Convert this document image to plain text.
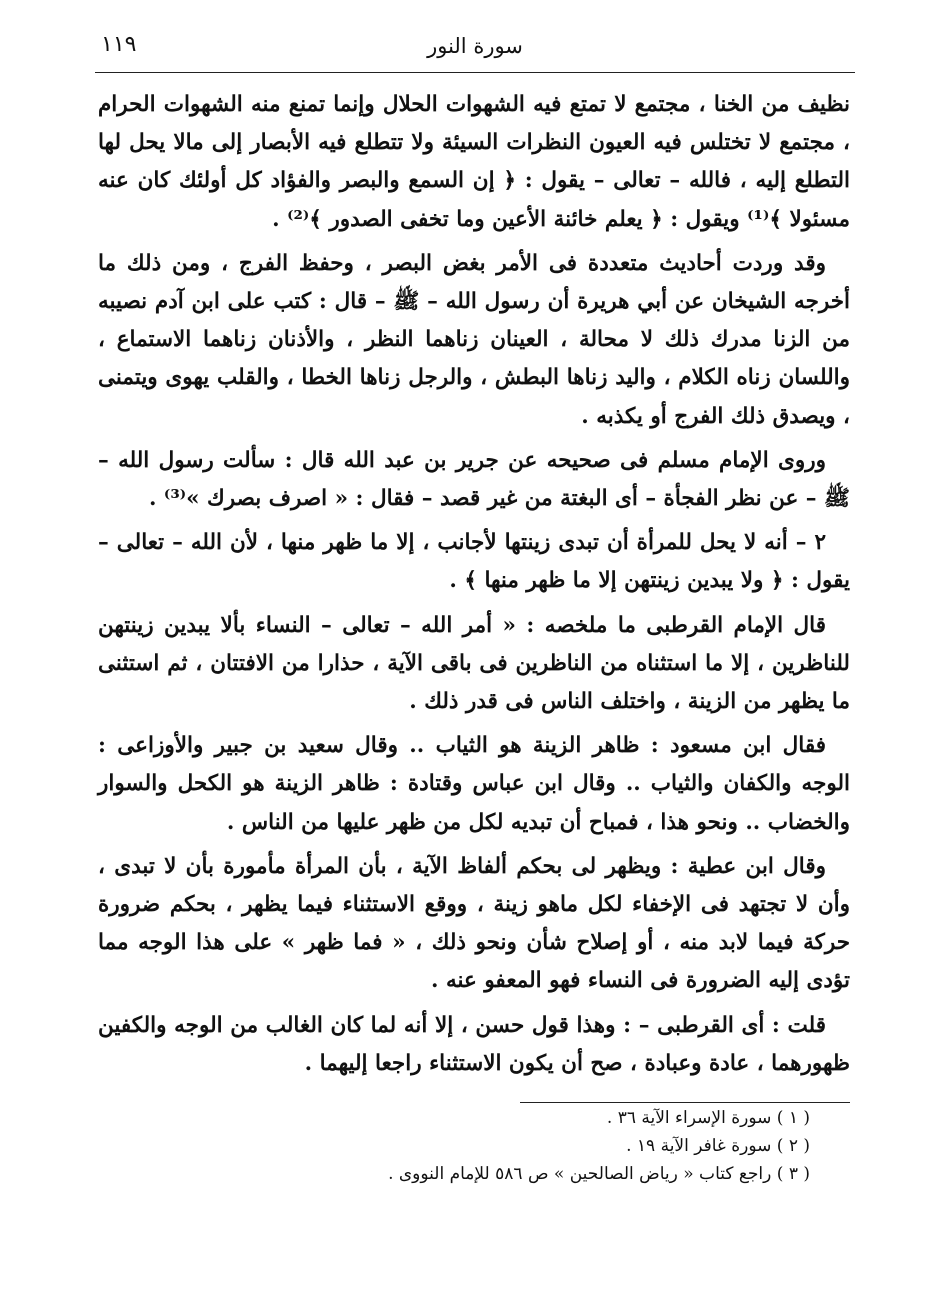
سورة النور
١١٩

نظيف من الخنا ، مجتمع لا تمتع فيه الشهوات الحلال وإنما تمنع منه الشهوات الحرام ، مجتمع لا تختلس فيه العيون النظرات السيئة ولا تتطلع فيه الأبصار إلى مالا يحل لها التطلع إليه ، فالله – تعالى – يقول : ﴿ إن السمع والبصر والفؤاد كل أولئك كان عنه مسئولا ﴾⁽¹⁾ ويقول : ﴿ يعلم خائنة الأعين وما تخفى الصدور ﴾⁽²⁾ .

وقد وردت أحاديث متعددة فى الأمر بغض البصر ، وحفظ الفرج ، ومن ذلك ما أخرجه الشيخان عن أبي هريرة أن رسول الله – ﷺ – قال : كتب على ابن آدم نصيبه من الزنا مدرك ذلك لا محالة ، العينان زناهما النظر ، والأذنان زناهما الاستماع ، واللسان زناه الكلام ، واليد زناها البطش ، والرجل زناها الخطا ، والقلب يهوى ويتمنى ، ويصدق ذلك الفرج أو يكذبه .

وروى الإمام مسلم فى صحيحه عن جرير بن عبد الله قال : سألت رسول الله – ﷺ – عن نظر الفجأة – أى البغتة من غير قصد – فقال : « اصرف بصرك »⁽³⁾ .

٢ – أنه لا يحل للمرأة أن تبدى زينتها لأجانب ، إلا ما ظهر منها ، لأن الله – تعالى – يقول : ﴿ ولا يبدين زينتهن إلا ما ظهر منها ﴾ .

قال الإمام القرطبى ما ملخصه : « أمر الله – تعالى – النساء بألا يبدين زينتهن للناظرين ، إلا ما استثناه من الناظرين فى باقى الآية ، حذارا من الافتتان ، ثم استثنى ما يظهر من الزينة ، واختلف الناس فى قدر ذلك .

فقال ابن مسعود : ظاهر الزينة هو الثياب .. وقال سعيد بن جبير والأوزاعى : الوجه والكفان والثياب .. وقال ابن عباس وقتادة : ظاهر الزينة هو الكحل والسوار والخضاب .. ونحو هذا ، فمباح أن تبديه لكل من ظهر عليها من الناس .

وقال ابن عطية : ويظهر لى بحكم ألفاظ الآية ، بأن المرأة مأمورة بأن لا تبدى ، وأن لا تجتهد فى الإخفاء لكل ماهو زينة ، ووقع الاستثناء فيما يظهر ، بحكم ضرورة حركة فيما لابد منه ، أو إصلاح شأن ونحو ذلك ، « فما ظهر » على هذا الوجه مما تؤدى إليه الضرورة فى النساء فهو المعفو عنه .

قلت : أى القرطبى – : وهذا قول حسن ، إلا أنه لما كان الغالب من الوجه والكفين ظهورهما ، عادة وعبادة ، صح أن يكون الاستثناء راجعا إليهما .

( ١ ) سورة الإسراء الآية ٣٦ .

( ٢ ) سورة غافر الآية ١٩ .

( ٣ ) راجع كتاب « رياض الصالحين » ص ٥٨٦ للإمام النووى .
